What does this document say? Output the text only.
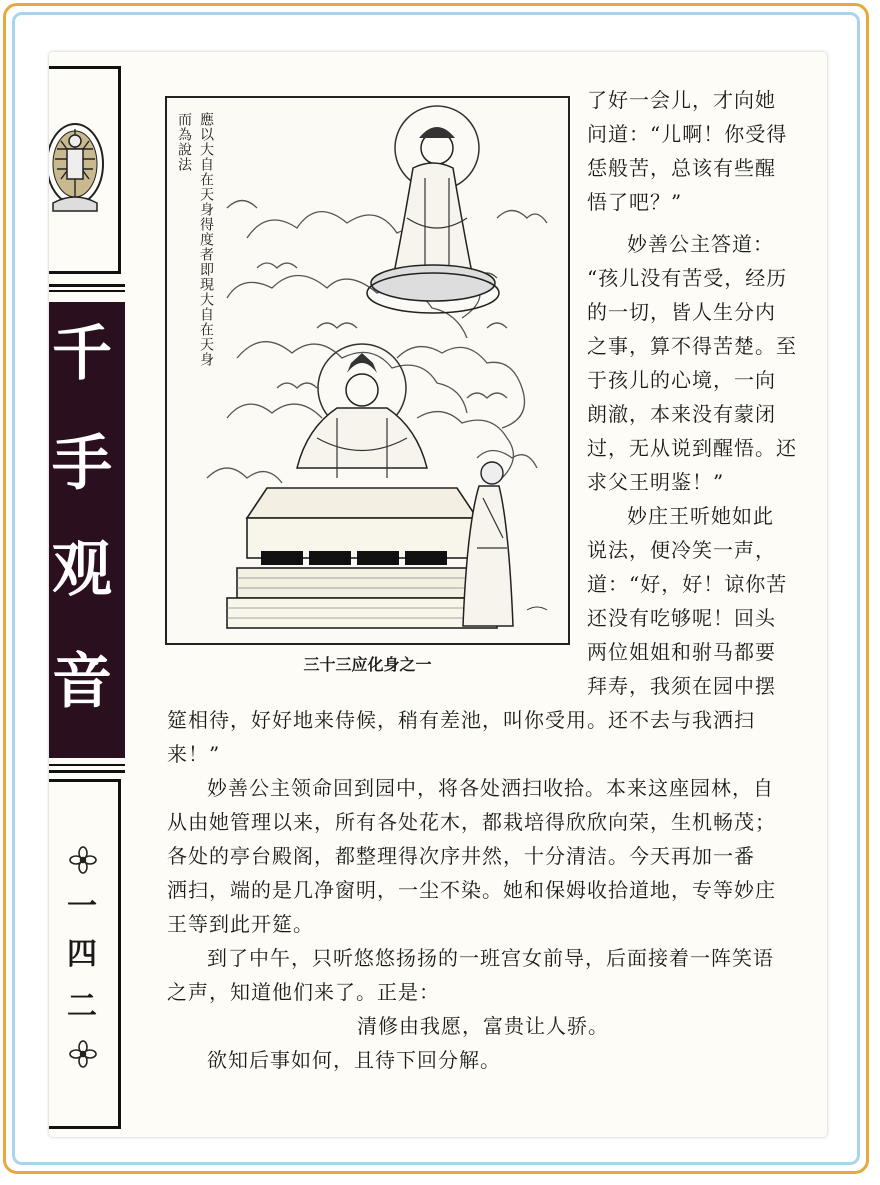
千
手
观
音
一
四
二
應以大自在天身得度者即現大自在天身
而為說法
三十三应化身之一
了好一会儿，才向她
问道：“儿啊！你受得
恁般苦，总该有些醒
悟了吧？”
妙善公主答道：
“孩儿没有苦受，经历
的一切，皆人生分内
之事，算不得苦楚。至
于孩儿的心境，一向
朗澈，本来没有蒙闭
过，无从说到醒悟。还
求父王明鉴！”
妙庄王听她如此
说法，便冷笑一声，
道：“好，好！谅你苦
还没有吃够呢！回头
两位姐姐和驸马都要
拜寿，我须在园中摆
筵相待，好好地来侍候，稍有差池，叫你受用。还不去与我洒扫
来！”
妙善公主领命回到园中，将各处洒扫收拾。本来这座园林，自
从由她管理以来，所有各处花木，都栽培得欣欣向荣，生机畅茂；
各处的亭台殿阁，都整理得次序井然，十分清洁。今天再加一番
洒扫，端的是几净窗明，一尘不染。她和保姆收拾道地，专等妙庄
王等到此开筵。
到了中午，只听悠悠扬扬的一班宫女前导，后面接着一阵笑语
之声，知道他们来了。正是：
清修由我愿，富贵让人骄。
欲知后事如何，且待下回分解。
